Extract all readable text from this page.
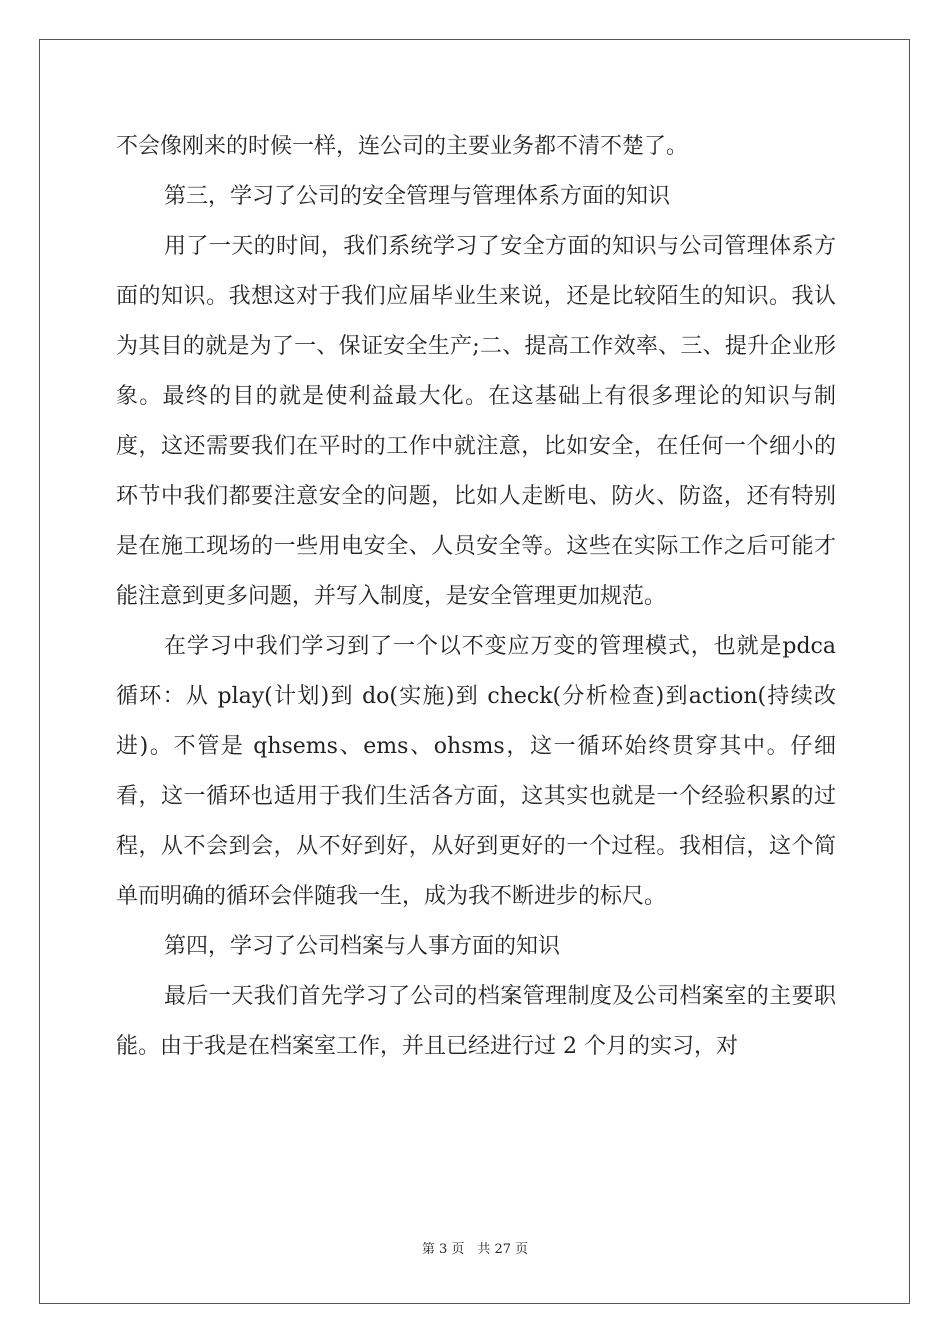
不会像刚来的时候一样，连公司的主要业务都不清不楚了。

第三，学习了公司的安全管理与管理体系方面的知识

用了一天的时间，我们系统学习了安全方面的知识与公司管理体系方面的知识。我想这对于我们应届毕业生来说，还是比较陌生的知识。我认为其目的就是为了一、保证安全生产;二、提高工作效率、三、提升企业形象。最终的目的就是使利益最大化。在这基础上有很多理论的知识与制度，这还需要我们在平时的工作中就注意，比如安全，在任何一个细小的环节中我们都要注意安全的问题，比如人走断电、防火、防盗，还有特别是在施工现场的一些用电安全、人员安全等。这些在实际工作之后可能才能注意到更多问题，并写入制度，是安全管理更加规范。

在学习中我们学习到了一个以不变应万变的管理模式，也就是pdca 循环：从 play(计划)到 do(实施)到 check(分析检查)到action(持续改进)。不管是 qhsems、ems、ohsms，这一循环始终贯穿其中。仔细看，这一循环也适用于我们生活各方面，这其实也就是一个经验积累的过程，从不会到会，从不好到好，从好到更好的一个过程。我相信，这个简单而明确的循环会伴随我一生，成为我不断进步的标尺。

第四，学习了公司档案与人事方面的知识

最后一天我们首先学习了公司的档案管理制度及公司档案室的主要职能。由于我是在档案室工作，并且已经进行过 2 个月的实习，对

第 3 页　共 27 页
